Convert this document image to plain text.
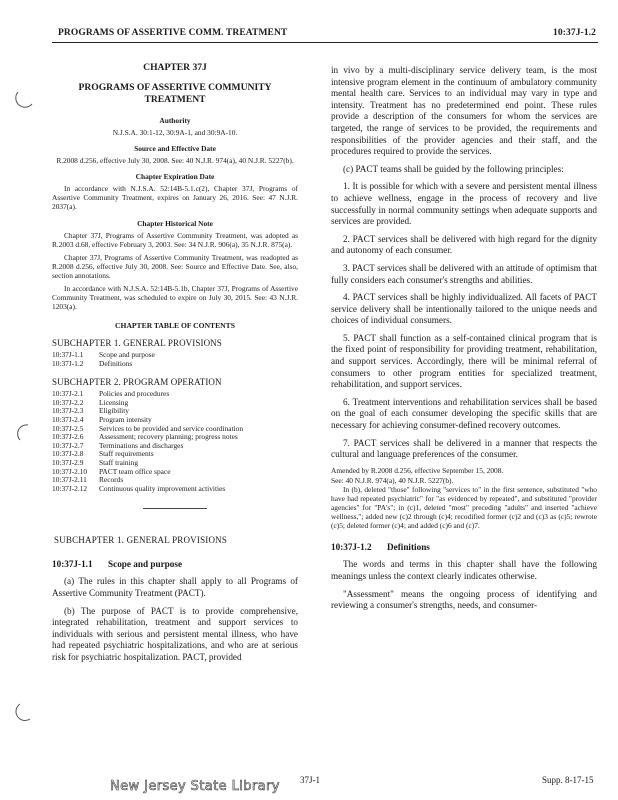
PROGRAMS OF ASSERTIVE COMM. TREATMENT	10:37J-1.2
CHAPTER 37J
PROGRAMS OF ASSERTIVE COMMUNITY TREATMENT
Authority
N.J.S.A. 30:1-12, 30:9A-1, and 30:9A-10.
Source and Effective Date
R.2008 d.256, effective July 30, 2008. See: 40 N.J.R. 974(a), 40 N.J.R. 5227(b).
Chapter Expiration Date
In accordance with N.J.S.A. 52:14B-5.1.c(2), Chapter 37J, Programs of Assertive Community Treatment, expires on January 26, 2016. See: 47 N.J.R. 2037(a).
Chapter Historical Note
Chapter 37J, Programs of Assertive Community Treatment, was adopted as R.2003 d.68, effective February 3, 2003. See: 34 N.J.R. 906(a), 35 N.J.R. 875(a).
Chapter 37J, Programs of Assertive Community Treatment, was readopted as R.2008 d.256, effective July 30, 2008. See: Source and Effective Date. See, also, section annotations.
In accordance with N.J.S.A. 52:14B-5.1b, Chapter 37J, Programs of Assertive Community Treatment, was scheduled to expire on July 30, 2015. See: 43 N.J.R. 1203(a).
CHAPTER TABLE OF CONTENTS
SUBCHAPTER 1. GENERAL PROVISIONS
10:37J-1.1	Scope and purpose
10:37J-1.2	Definitions
SUBCHAPTER 2. PROGRAM OPERATION
10:37J-2.1	Policies and procedures
10:37J-2.2	Licensing
10:37J-2.3	Eligibility
10:37J-2.4	Program intensity
10:37J-2.5	Services to be provided and service coordination
10:37J-2.6	Assessment; recovery planning; progress notes
10:37J-2.7	Terminations and discharges
10:37J-2.8	Staff requirements
10:37J-2.9	Staff training
10:37J-2.10	PACT team office space
10:37J-2.11	Records
10:37J-2.12	Continuous quality improvement activities
SUBCHAPTER 1. GENERAL PROVISIONS
10:37J-1.1 Scope and purpose
(a) The rules in this chapter shall apply to all Programs of Assertive Community Treatment (PACT).
(b) The purpose of PACT is to provide comprehensive, integrated rehabilitation, treatment and support services to individuals with serious and persistent mental illness, who have had repeated psychiatric hospitalizations, and who are at serious risk for psychiatric hospitalization. PACT, provided
in vivo by a multi-disciplinary service delivery team, is the most intensive program element in the continuum of ambulatory community mental health care. Services to an individual may vary in type and intensity. Treatment has no predetermined end point. These rules provide a description of the consumers for whom the services are targeted, the range of services to be provided, the requirements and responsibilities of the provider agencies and their staff, and the procedures required to provide the services.
(c) PACT teams shall be guided by the following principles:
1. It is possible for which with a severe and persistent mental illness to achieve wellness, engage in the process of recovery and live successfully in normal community settings when adequate supports and services are provided.
2. PACT services shall be delivered with high regard for the dignity and autonomy of each consumer.
3. PACT services shall be delivered with an attitude of optimism that fully considers each consumer's strengths and abilities.
4. PACT services shall be highly individualized. All facets of PACT service delivery shall be intentionally tailored to the unique needs and choices of individual consumers.
5. PACT shall function as a self-contained clinical program that is the fixed point of responsibility for providing treatment, rehabilitation, and support services. Accordingly, there will be minimal referral of consumers to other program entities for specialized treatment, rehabilitation, and support services.
6. Treatment interventions and rehabilitation services shall be based on the goal of each consumer developing the specific skills that are necessary for achieving consumer-defined recovery outcomes.
7. PACT services shall be delivered in a manner that respects the cultural and language preferences of the consumer.
Amended by R.2008 d.256, effective September 15, 2008.
See: 40 N.J.R. 974(a), 40 N.J.R. 5227(b).
In (b), deleted "those" following "services to" in the first sentence, substituted "who have had repeated psychiatric" for "as evidenced by repeated", and substituted "provider agencies" for "PA's"; in (c)1, deleted "most" preceding "adults" and inserted "achieve wellness,"; added new (c)2 through (c)4; recodified former (c)2 and (c)3 as (c)5; rewrote (c)5; deleted former (c)4; and added (c)6 and (c)7.
10:37J-1.2 Definitions
The words and terms in this chapter shall have the following meanings unless the context clearly indicates otherwise.
"Assessment" means the ongoing process of identifying and reviewing a consumer's strengths, needs, and consumer-
37J-1	Supp. 8-17-15
New Jersey State Library
